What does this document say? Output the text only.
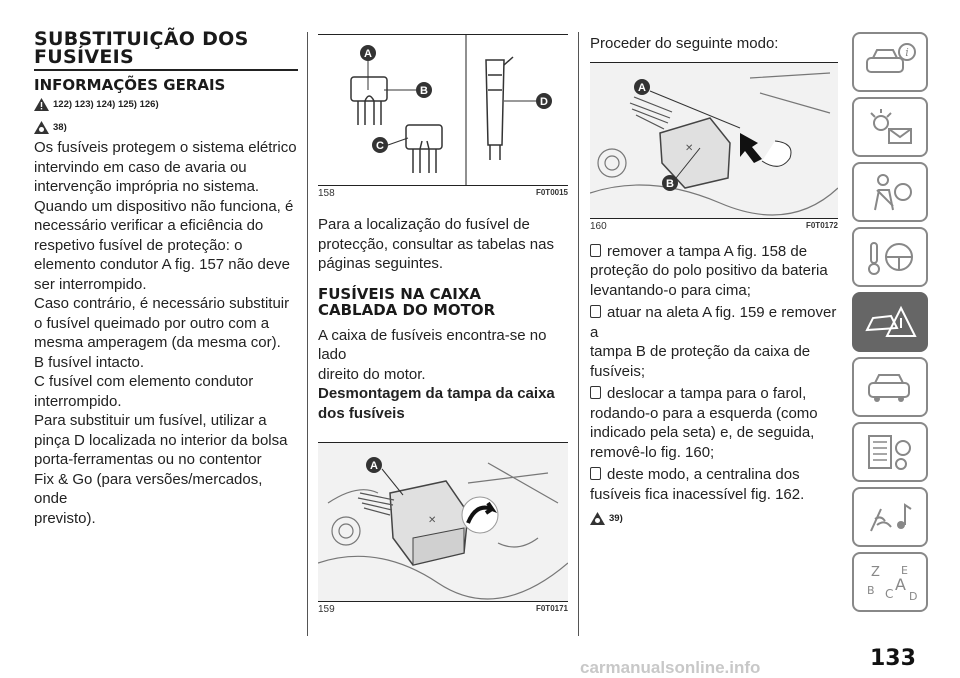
SUBSTITUIÇÃO DOS
FUSÍVEIS
INFORMAÇÕES GERAIS
122) 123) 124) 125) 126)
38)

Os fusíveis protegem o sistema elétrico

intervindo em caso de avaria ou

intervenção imprópria no sistema.

Quando um dispositivo não funciona, é

necessário verificar a eficiência do

respetivo fusível de proteção: o

elemento condutor A fig. 157 não deve

ser interrompido.

Caso contrário, é necessário substituir

o fusível queimado por outro com a

mesma amperagem (da mesma cor).

B fusível intacto.

C fusível com elemento condutor

interrompido.

Para substituir um fusível, utilizar a

pinça D localizada no interior da bolsa

porta-ferramentas ou no contentor

Fix & Go (para versões/mercados, onde

previsto).

A
B
C
D
158	F0T0015

Para a localização do fusível de

protecção, consultar as tabelas nas

páginas seguintes.

FUSÍVEIS NA CAIXA
CABLADA DO MOTOR

A caixa de fusíveis encontra-se no lado

direito do motor.

Desmontagem da tampa da caixa
dos fusíveis

✕
A
159	F0T0171

Proceder do seguinte modo:

✕
A
B
160	F0T0172

remover a tampa A fig. 158 de

proteção do polo positivo da bateria

levantando-o para cima;

atuar na aleta A fig. 159 e remover a

tampa B de proteção da caixa de

fusíveis;

deslocar a tampa para o farol,

rodando-o para a esquerda (como

indicado pela seta) e, de seguida,

removê-lo fig. 160;

deste modo, a centralina dos

fusíveis fica inacessível fig. 162.

39)
i
Z E
B C A
D
133
carmanualsonline.info
